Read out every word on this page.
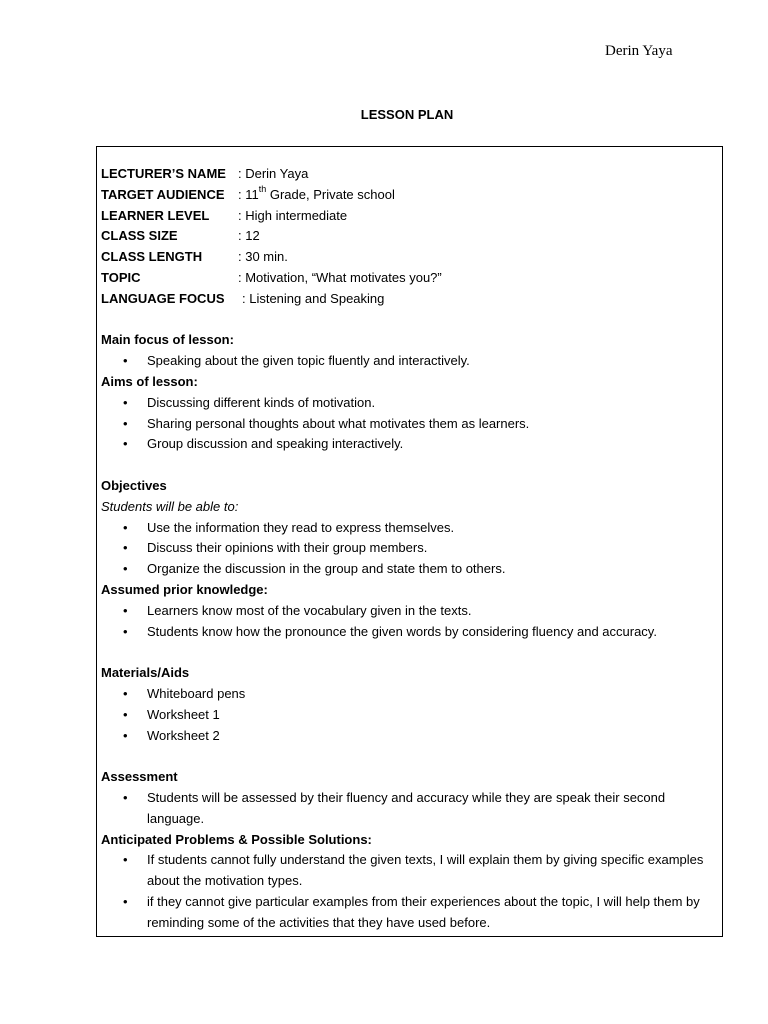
Derin Yaya
LESSON PLAN
LECTURER’S NAME : Derin Yaya
TARGET AUDIENCE	: 11th Grade, Private school
LEARNER LEVEL	: High intermediate
CLASS SIZE	: 12
CLASS LENGTH	: 30 min.
TOPIC	: Motivation, “What motivates you?”
LANGUAGE FOCUS	: Listening and Speaking
Main focus of lesson:
• Speaking about the given topic fluently and interactively.
Aims of lesson:
• Discussing different kinds of motivation.
• Sharing personal thoughts about what motivates them as learners.
• Group discussion and speaking interactively.
Objectives
Students will be able to:
• Use the information they read to express themselves.
• Discuss their opinions with their group members.
• Organize the discussion in the group and state them to others.
Assumed prior knowledge:
• Learners know most of the vocabulary given in the texts.
• Students know how the pronounce the given words by considering fluency and accuracy.
Materials/Aids
• Whiteboard pens
• Worksheet 1
• Worksheet 2
Assessment
• Students will be assessed by their fluency and accuracy while they are speak their second language.
Anticipated Problems & Possible Solutions:
• If students cannot fully understand the given texts, I will explain them by giving specific examples about the motivation types.
• if they cannot give particular examples from their experiences about the topic, I will help them by reminding some of the activities that they have used before.
